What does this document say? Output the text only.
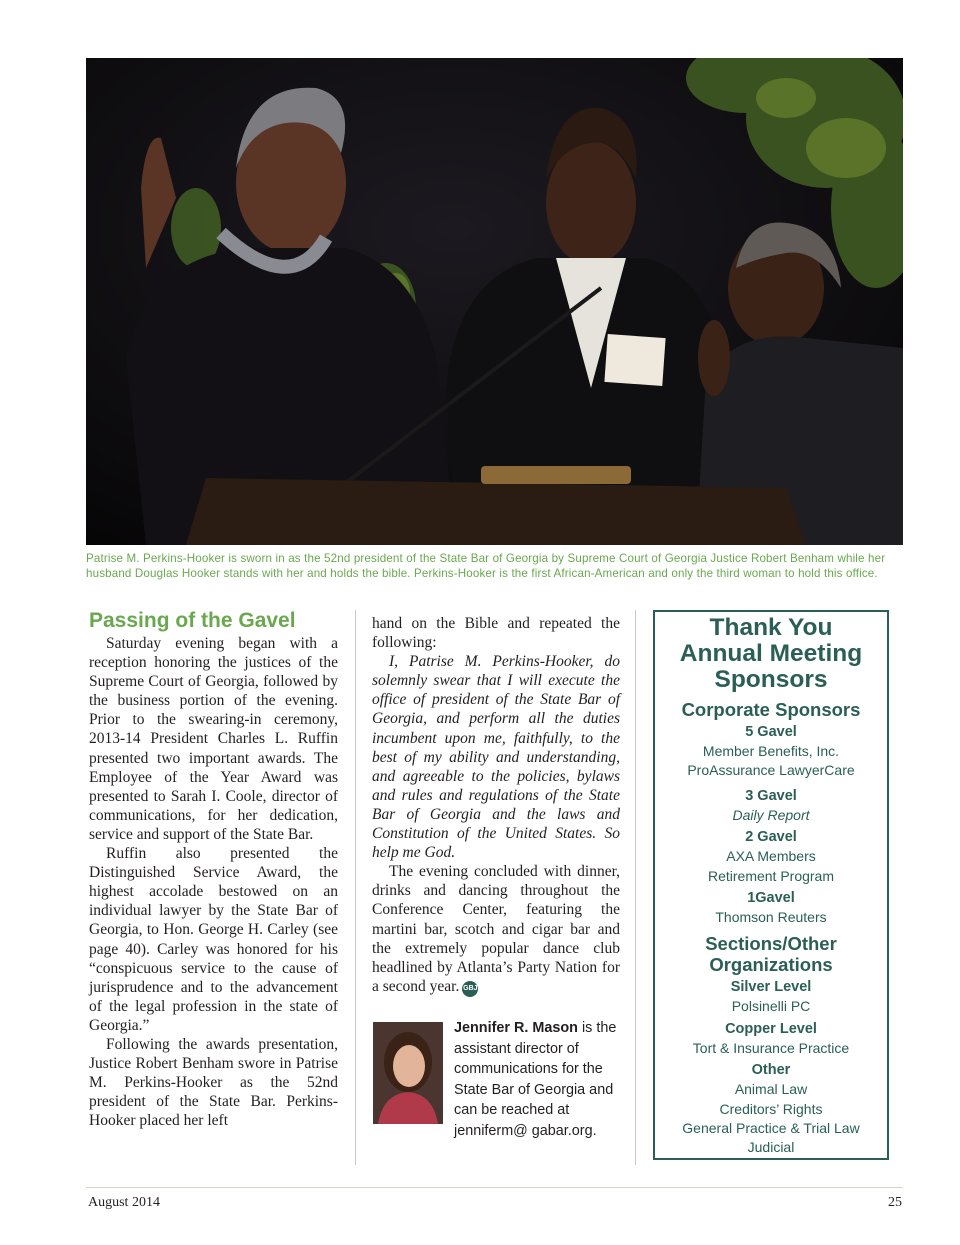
Patrise M. Perkins-Hooker is sworn in as the 52nd president of the State Bar of Georgia by Supreme Court of Georgia Justice Robert Benham while her husband Douglas Hooker stands with her and holds the bible. Perkins-Hooker is the first African-American and only the third woman to hold this office.
Passing of the Gavel

Saturday evening began with a reception honoring the justices of the Supreme Court of Georgia, followed by the business portion of the evening. Prior to the swearing-in ceremony, 2013-14 President Charles L. Ruffin presented two important awards. The Employee of the Year Award was presented to Sarah I. Coole, director of communications, for her dedication, service and support of the State Bar.

Ruffin also presented the Distinguished Service Award, the highest accolade bestowed on an individual lawyer by the State Bar of Georgia, to Hon. George H. Carley (see page 40). Carley was honored for his “conspicuous service to the cause of jurisprudence and to the advancement of the legal profession in the state of Georgia.”

Following the awards presentation, Justice Robert Benham swore in Patrise M. Perkins-Hooker as the 52nd president of the State Bar. Perkins-Hooker placed her left

hand on the Bible and repeated the following:

I, Patrise M. Perkins-Hooker, do solemnly swear that I will execute the office of president of the State Bar of Georgia, and perform all the duties incumbent upon me, faithfully, to the best of my ability and understanding, and agreeable to the policies, bylaws and rules and regulations of the State Bar of Georgia and the laws and Constitution of the United States. So help me God.

The evening concluded with dinner, drinks and dancing throughout the Conference Center, featuring the martini bar, scotch and cigar bar and the extremely popular dance club headlined by Atlanta’s Party Nation for a second year. GBJ

Jennifer R. Mason is the assistant director of communications for the State Bar of Georgia and can be reached at jenniferm@ gabar.org.
Thank You
Annual Meeting
Sponsors
Corporate Sponsors
5 Gavel
Member Benefits, Inc.
ProAssurance LawyerCare
3 Gavel
Daily Report
2 Gavel
AXA Members
Retirement Program
1Gavel
Thomson Reuters
Sections/Other
Organizations
Silver Level
Polsinelli PC
Copper Level
Tort & Insurance Practice
Other
Animal Law
Creditors’ Rights
General Practice & Trial Law
Judicial
August 2014	25
